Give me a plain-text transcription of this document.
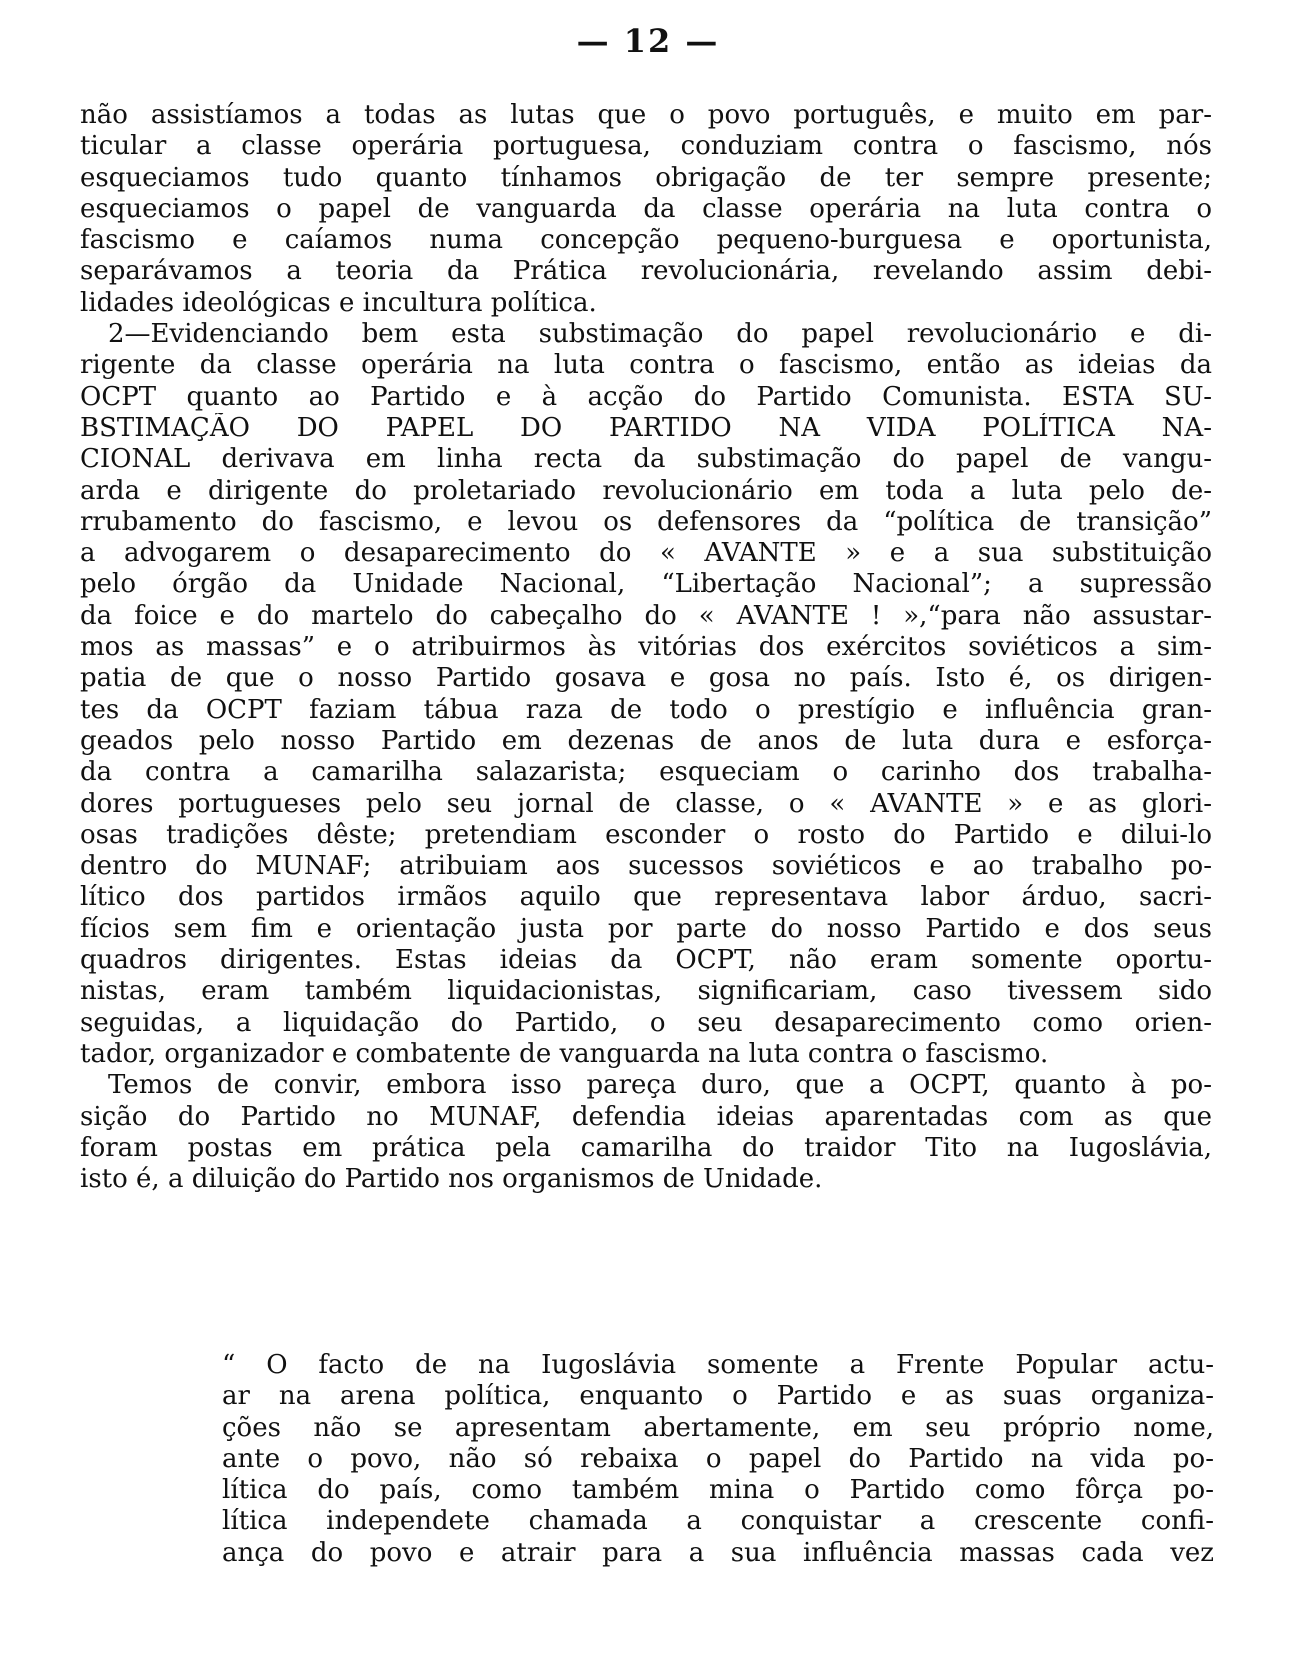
— 12 —
não assistíamos a todas as lutas que o povo português, e muito em par-
ticular a classe operária portuguesa, conduziam contra o fascismo, nós
esqueciamos tudo quanto tínhamos obrigação de ter sempre presente;
esqueciamos o papel de vanguarda da classe operária na luta contra o
fascismo e caíamos numa concepção pequeno-burguesa e oportunista,
separávamos a teoria da Prática revolucionária, revelando assim debi-
lidades ideológicas e incultura política.
2—Evidenciando bem esta substimação do papel revolucionário e di-
rigente da classe operária na luta contra o fascismo, então as ideias da
OCPT quanto ao Partido e à acção do Partido Comunista. ESTA SU-
BSTIMAÇÃO DO PAPEL DO PARTIDO NA VIDA POLÍTICA NA-
CIONAL derivava em linha recta da substimação do papel de vangu-
arda e dirigente do proletariado revolucionário em toda a luta pelo de-
rrubamento do fascismo, e levou os defensores da “política de transição”
a advogarem o desaparecimento do « AVANTE » e a sua substituição
pelo órgão da Unidade Nacional, “Libertação Nacional”; a supressão
da foice e do martelo do cabeçalho do « AVANTE ! »,“para não assustar-
mos as massas” e o atribuirmos às vitórias dos exércitos soviéticos a sim-
patia de que o nosso Partido gosava e gosa no país. Isto é, os dirigen-
tes da OCPT faziam tábua raza de todo o prestígio e influência gran-
geados pelo nosso Partido em dezenas de anos de luta dura e esforça-
da contra a camarilha salazarista; esqueciam o carinho dos trabalha-
dores portugueses pelo seu jornal de classe, o « AVANTE » e as glori-
osas tradições dêste; pretendiam esconder o rosto do Partido e dilui-lo
dentro do MUNAF; atribuiam aos sucessos soviéticos e ao trabalho po-
lítico dos partidos irmãos aquilo que representava labor árduo, sacri-
fícios sem fim e orientação justa por parte do nosso Partido e dos seus
quadros dirigentes. Estas ideias da OCPT, não eram somente oportu-
nistas, eram também liquidacionistas, significariam, caso tivessem sido
seguidas, a liquidação do Partido, o seu desaparecimento como orien-
tador, organizador e combatente de vanguarda na luta contra o fascismo.
Temos de convir, embora isso pareça duro, que a OCPT, quanto à po-
sição do Partido no MUNAF, defendia ideias aparentadas com as que
foram postas em prática pela camarilha do traidor Tito na Iugoslávia,
isto é, a diluição do Partido nos organismos de Unidade.
“ O facto de na Iugoslávia somente a Frente Popular actu-
ar na arena política, enquanto o Partido e as suas organiza-
ções não se apresentam abertamente, em seu próprio nome,
ante o povo, não só rebaixa o papel do Partido na vida po-
lítica do país, como também mina o Partido como fôrça po-
lítica independete chamada a conquistar a crescente confi-
ança do povo e atrair para a sua influência massas cada vez
